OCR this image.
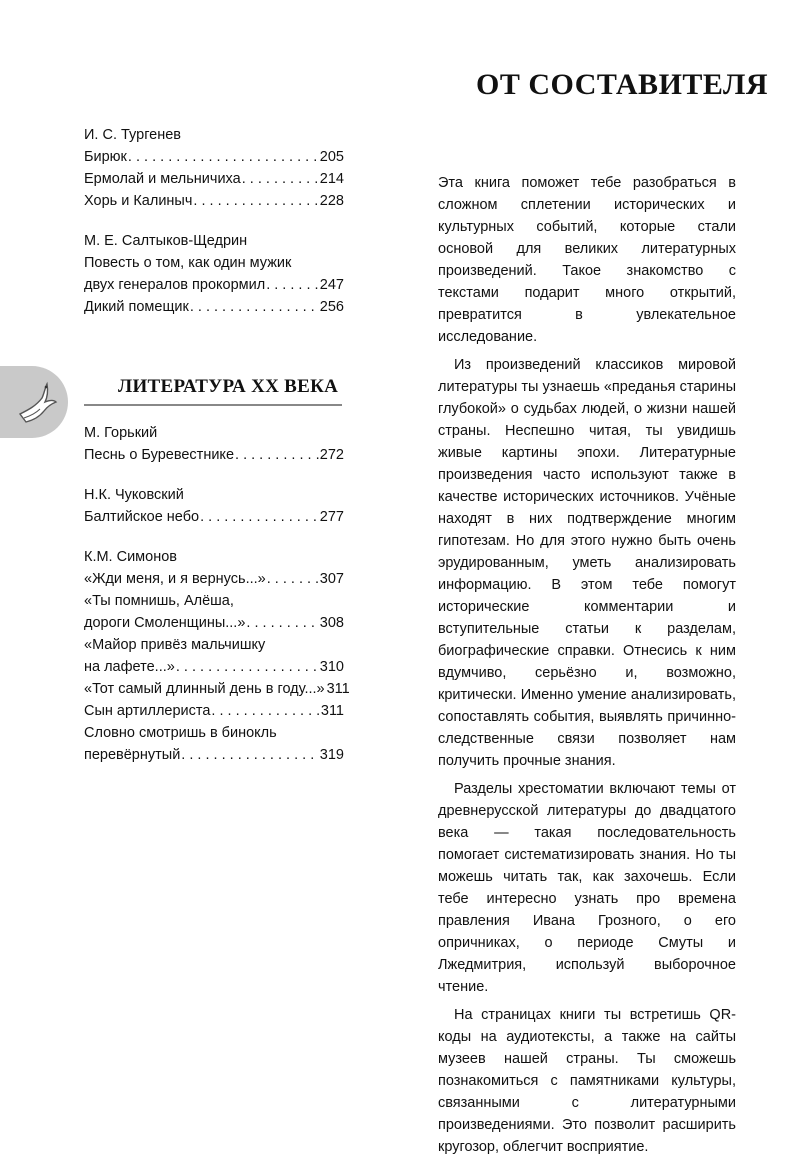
И. С. Тургенев
Бирюк . . .	205
Ермолай и мельничиха . . .	214
Хорь и Калиныч . . .	228
М. Е. Салтыков-Щедрин
Повесть о том, как один мужик
двух генералов прокормил . . .	247
Дикий помещик . . .	256
ЛИТЕРАТУРА XX ВЕКА
М. Горький
Песнь о Буревестнике . . .	272
Н.К. Чуковский
Балтийское небо . . .	277
К.М. Симонов
«Жди меня, и я вернусь...» . . .	307
«Ты помнишь, Алёша,
дороги Смоленщины...» . . .	308
«Майор привёз мальчишку
на лафете...» . . .	310
«Тот самый длинный день в году...» 311
Сын артиллериста . . .	311
Словно смотришь в бинокль
перевёрнутый . . .	319
ОТ СОСТАВИТЕЛЯ

Эта книга поможет тебе разобраться в сложном сплетении исторических и культурных событий, которые стали основой для великих литературных произведений. Такое знакомство с текстами подарит много открытий, превратится в увлекательное исследование.

Из произведений классиков мировой литературы ты узнаешь «преданья старины глубокой» о судьбах людей, о жизни нашей страны. Неспешно читая, ты увидишь живые картины эпохи. Литературные произведения часто используют также в качестве исторических источников. Учёные находят в них подтверждение многим гипотезам. Но для этого нужно быть очень эрудированным, уметь анализировать информацию. В этом тебе помогут исторические комментарии и вступительные статьи к разделам, биографические справки. Отнесись к ним вдумчиво, серьёзно и, возможно, критически. Именно умение анализировать, сопоставлять события, выявлять причинно-следственные связи позволяет нам получить прочные знания.

Разделы хрестоматии включают темы от древнерусской литературы до двадцатого века — такая последовательность помогает систематизировать знания. Но ты можешь читать так, как захочешь. Если тебе интересно узнать про времена правления Ивана Грозного, о его опричниках, о периоде Смуты и Лжедмитрия, используй выборочное чтение.

На страницах книги ты встретишь QR-коды на аудиотексты, а также на сайты музеев нашей страны. Ты сможешь познакомиться с памятниками культуры, связанными с литературными произведениями. Это позволит расширить кругозор, облегчит восприятие.
